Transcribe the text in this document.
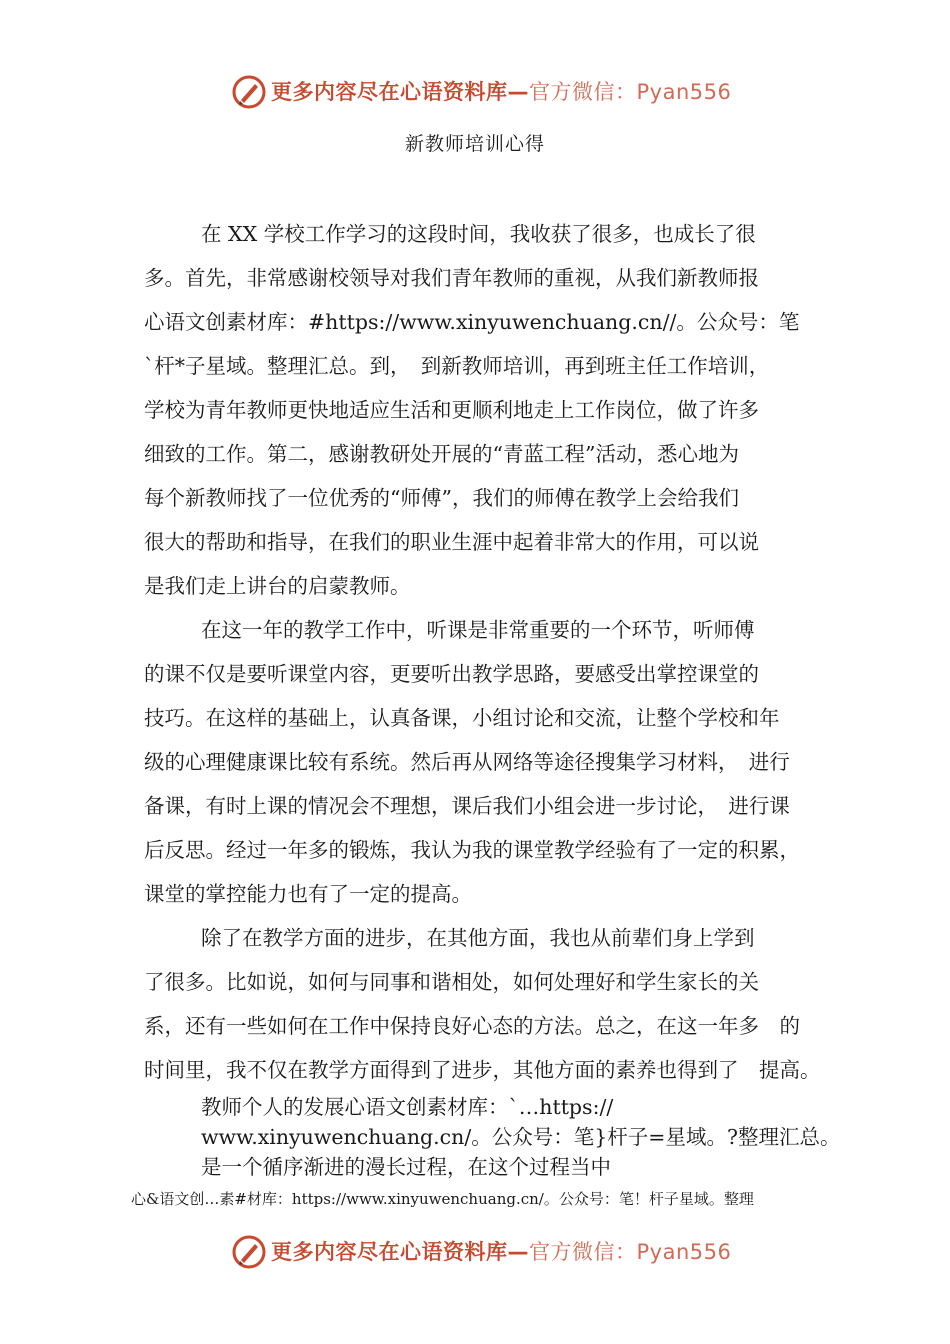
更多内容尽在心语资料库—官方微信：Pyan556
新教师培训心得
在 XX 学校工作学习的这段时间，我收获了很多，也成长了很
多。首先，非常感谢校领导对我们青年教师的重视，从我们新教师报
心语文创素材库：#https://www.xinyuwenchuang.cn//。公众号：笔
`杆*子星域。整理汇总。到，　到新教师培训，再到班主任工作培训，
学校为青年教师更快地适应生活和更顺利地走上工作岗位，做了许多
细致的工作。第二，感谢教研处开展的“青蓝工程”活动，悉心地为
每个新教师找了一位优秀的“师傅”，我们的师傅在教学上会给我们
很大的帮助和指导，在我们的职业生涯中起着非常大的作用，可以说
是我们走上讲台的启蒙教师。
在这一年的教学工作中，听课是非常重要的一个环节，听师傅
的课不仅是要听课堂内容，更要听出教学思路，要感受出掌控课堂的
技巧。在这样的基础上，认真备课，小组讨论和交流，让整个学校和年
级的心理健康课比较有系统。然后再从网络等途径搜集学习材料，　进行
备课，有时上课的情况会不理想，课后我们小组会进一步讨论，　进行课
后反思。经过一年多的锻炼，我认为我的课堂教学经验有了一定的积累，
课堂的掌控能力也有了一定的提高。
除了在教学方面的进步，在其他方面，我也从前辈们身上学到
了很多。比如说，如何与同事和谐相处，如何处理好和学生家长的关
系，还有一些如何在工作中保持良好心态的方法。总之，在这一年多　的
时间里，我不仅在教学方面得到了进步，其他方面的素养也得到了　提高。
教师个人的发展心语文创素材库：`…https://
www.xinyuwenchuang.cn/。公众号：笔}杆子=星域。?整理汇总。
是一个循序渐进的漫长过程，在这个过程当中
心&语文创…素#材库：https://www.xinyuwenchuang.cn/。公众号：笔！杆子星域。整理
更多内容尽在心语资料库—官方微信：Pyan556
